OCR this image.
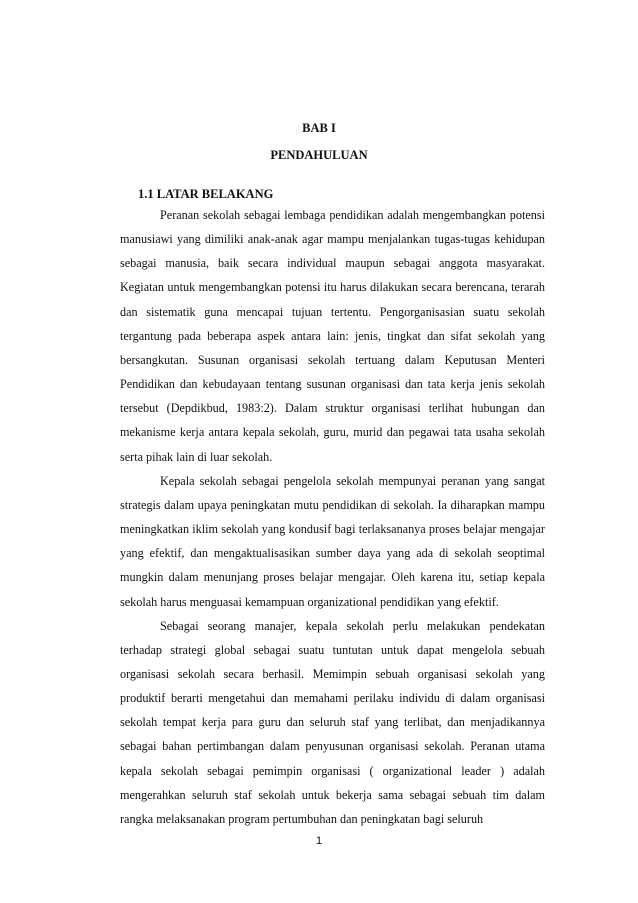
BAB I
PENDAHULUAN
1.1 LATAR BELAKANG

Peranan sekolah sebagai lembaga pendidikan adalah mengembangkan potensi manusiawi yang dimiliki anak-anak agar mampu menjalankan tugas-tugas kehidupan sebagai manusia, baik secara individual maupun sebagai anggota masyarakat. Kegiatan untuk mengembangkan potensi itu harus dilakukan secara berencana, terarah dan sistematik guna mencapai tujuan tertentu. Pengorganisasian suatu sekolah tergantung pada beberapa aspek antara lain: jenis, tingkat dan sifat sekolah yang bersangkutan. Susunan organisasi sekolah tertuang dalam Keputusan Menteri Pendidikan dan kebudayaan tentang susunan organisasi dan tata kerja jenis sekolah tersebut (Depdikbud, 1983:2). Dalam struktur organisasi terlihat hubungan dan mekanisme kerja antara kepala sekolah, guru, murid dan pegawai tata usaha sekolah serta pihak lain di luar sekolah.

Kepala sekolah sebagai pengelola sekolah mempunyai peranan yang sangat strategis dalam upaya peningkatan mutu pendidikan di sekolah. Ia diharapkan mampu meningkatkan iklim sekolah yang kondusif bagi terlaksananya proses belajar mengajar yang efektif, dan mengaktualisasikan sumber daya yang ada di sekolah seoptimal mungkin dalam menunjang proses belajar mengajar. Oleh karena itu, setiap kepala sekolah harus menguasai kemampuan organizational pendidikan yang efektif.

Sebagai seorang manajer, kepala sekolah perlu melakukan pendekatan terhadap strategi global sebagai suatu tuntutan untuk dapat mengelola sebuah organisasi sekolah secara berhasil. Memimpin sebuah organisasi sekolah yang produktif berarti mengetahui dan memahami perilaku individu di dalam organisasi sekolah tempat kerja para guru dan seluruh staf yang terlibat, dan menjadikannya sebagai bahan pertimbangan dalam penyusunan organisasi sekolah. Peranan utama kepala sekolah sebagai pemimpin organisasi ( organizational leader ) adalah mengerahkan seluruh staf sekolah untuk bekerja sama sebagai sebuah tim dalam rangka melaksanakan program pertumbuhan dan peningkatan bagi seluruh

1
